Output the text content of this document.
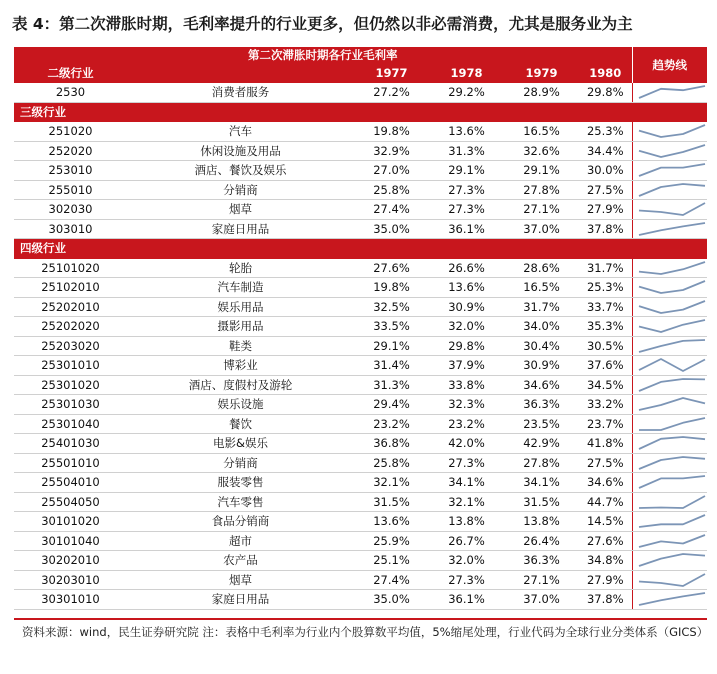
表 4：第二次滞胀时期，毛利率提升的行业更多，但仍然以非必需消费，尤其是服务业为主
第二次滞胀时期各行业毛利率						趋势线
二级行业		1977	1978	1979	1980	
2530	消费者服务	27.2%	29.2%	28.9%	29.8%	

三级行业						
251020	汽车	19.8%	13.6%	16.5%	25.3%	

252020	休闲设施及用品	32.9%	31.3%	32.6%	34.4%	

253010	酒店、餐饮及娱乐	27.0%	29.1%	29.1%	30.0%	

255010	分销商	25.8%	27.3%	27.8%	27.5%	

302030	烟草	27.4%	27.3%	27.1%	27.9%	

303010	家庭日用品	35.0%	36.1%	37.0%	37.8%	

四级行业						
25101020	轮胎	27.6%	26.6%	28.6%	31.7%	

25102010	汽车制造	19.8%	13.6%	16.5%	25.3%	

25202010	娱乐用品	32.5%	30.9%	31.7%	33.7%	

25202020	摄影用品	33.5%	32.0%	34.0%	35.3%	

25203020	鞋类	29.1%	29.8%	30.4%	30.5%	

25301010	博彩业	31.4%	37.9%	30.9%	37.6%	

25301020	酒店、度假村及游轮	31.3%	33.8%	34.6%	34.5%	

25301030	娱乐设施	29.4%	32.3%	36.3%	33.2%	

25301040	餐饮	23.2%	23.2%	23.5%	23.7%	

25401030	电影&娱乐	36.8%	42.0%	42.9%	41.8%	

25501010	分销商	25.8%	27.3%	27.8%	27.5%	

25504010	服装零售	32.1%	34.1%	34.1%	34.6%	

25504050	汽车零售	31.5%	32.1%	31.5%	44.7%	

30101020	食品分销商	13.6%	13.8%	13.8%	14.5%	

30101040	超市	25.9%	26.7%	26.4%	27.6%	

30202010	农产品	25.1%	32.0%	36.3%	34.8%	

30203010	烟草	27.4%	27.3%	27.1%	27.9%	

30301010	家庭日用品	35.0%	36.1%	37.0%	37.8%	
资料来源：wind，民生证券研究院 注：表格中毛利率为行业内个股算数平均值，5%缩尾处理，行业代码为全球行业分类体系（GICS）
